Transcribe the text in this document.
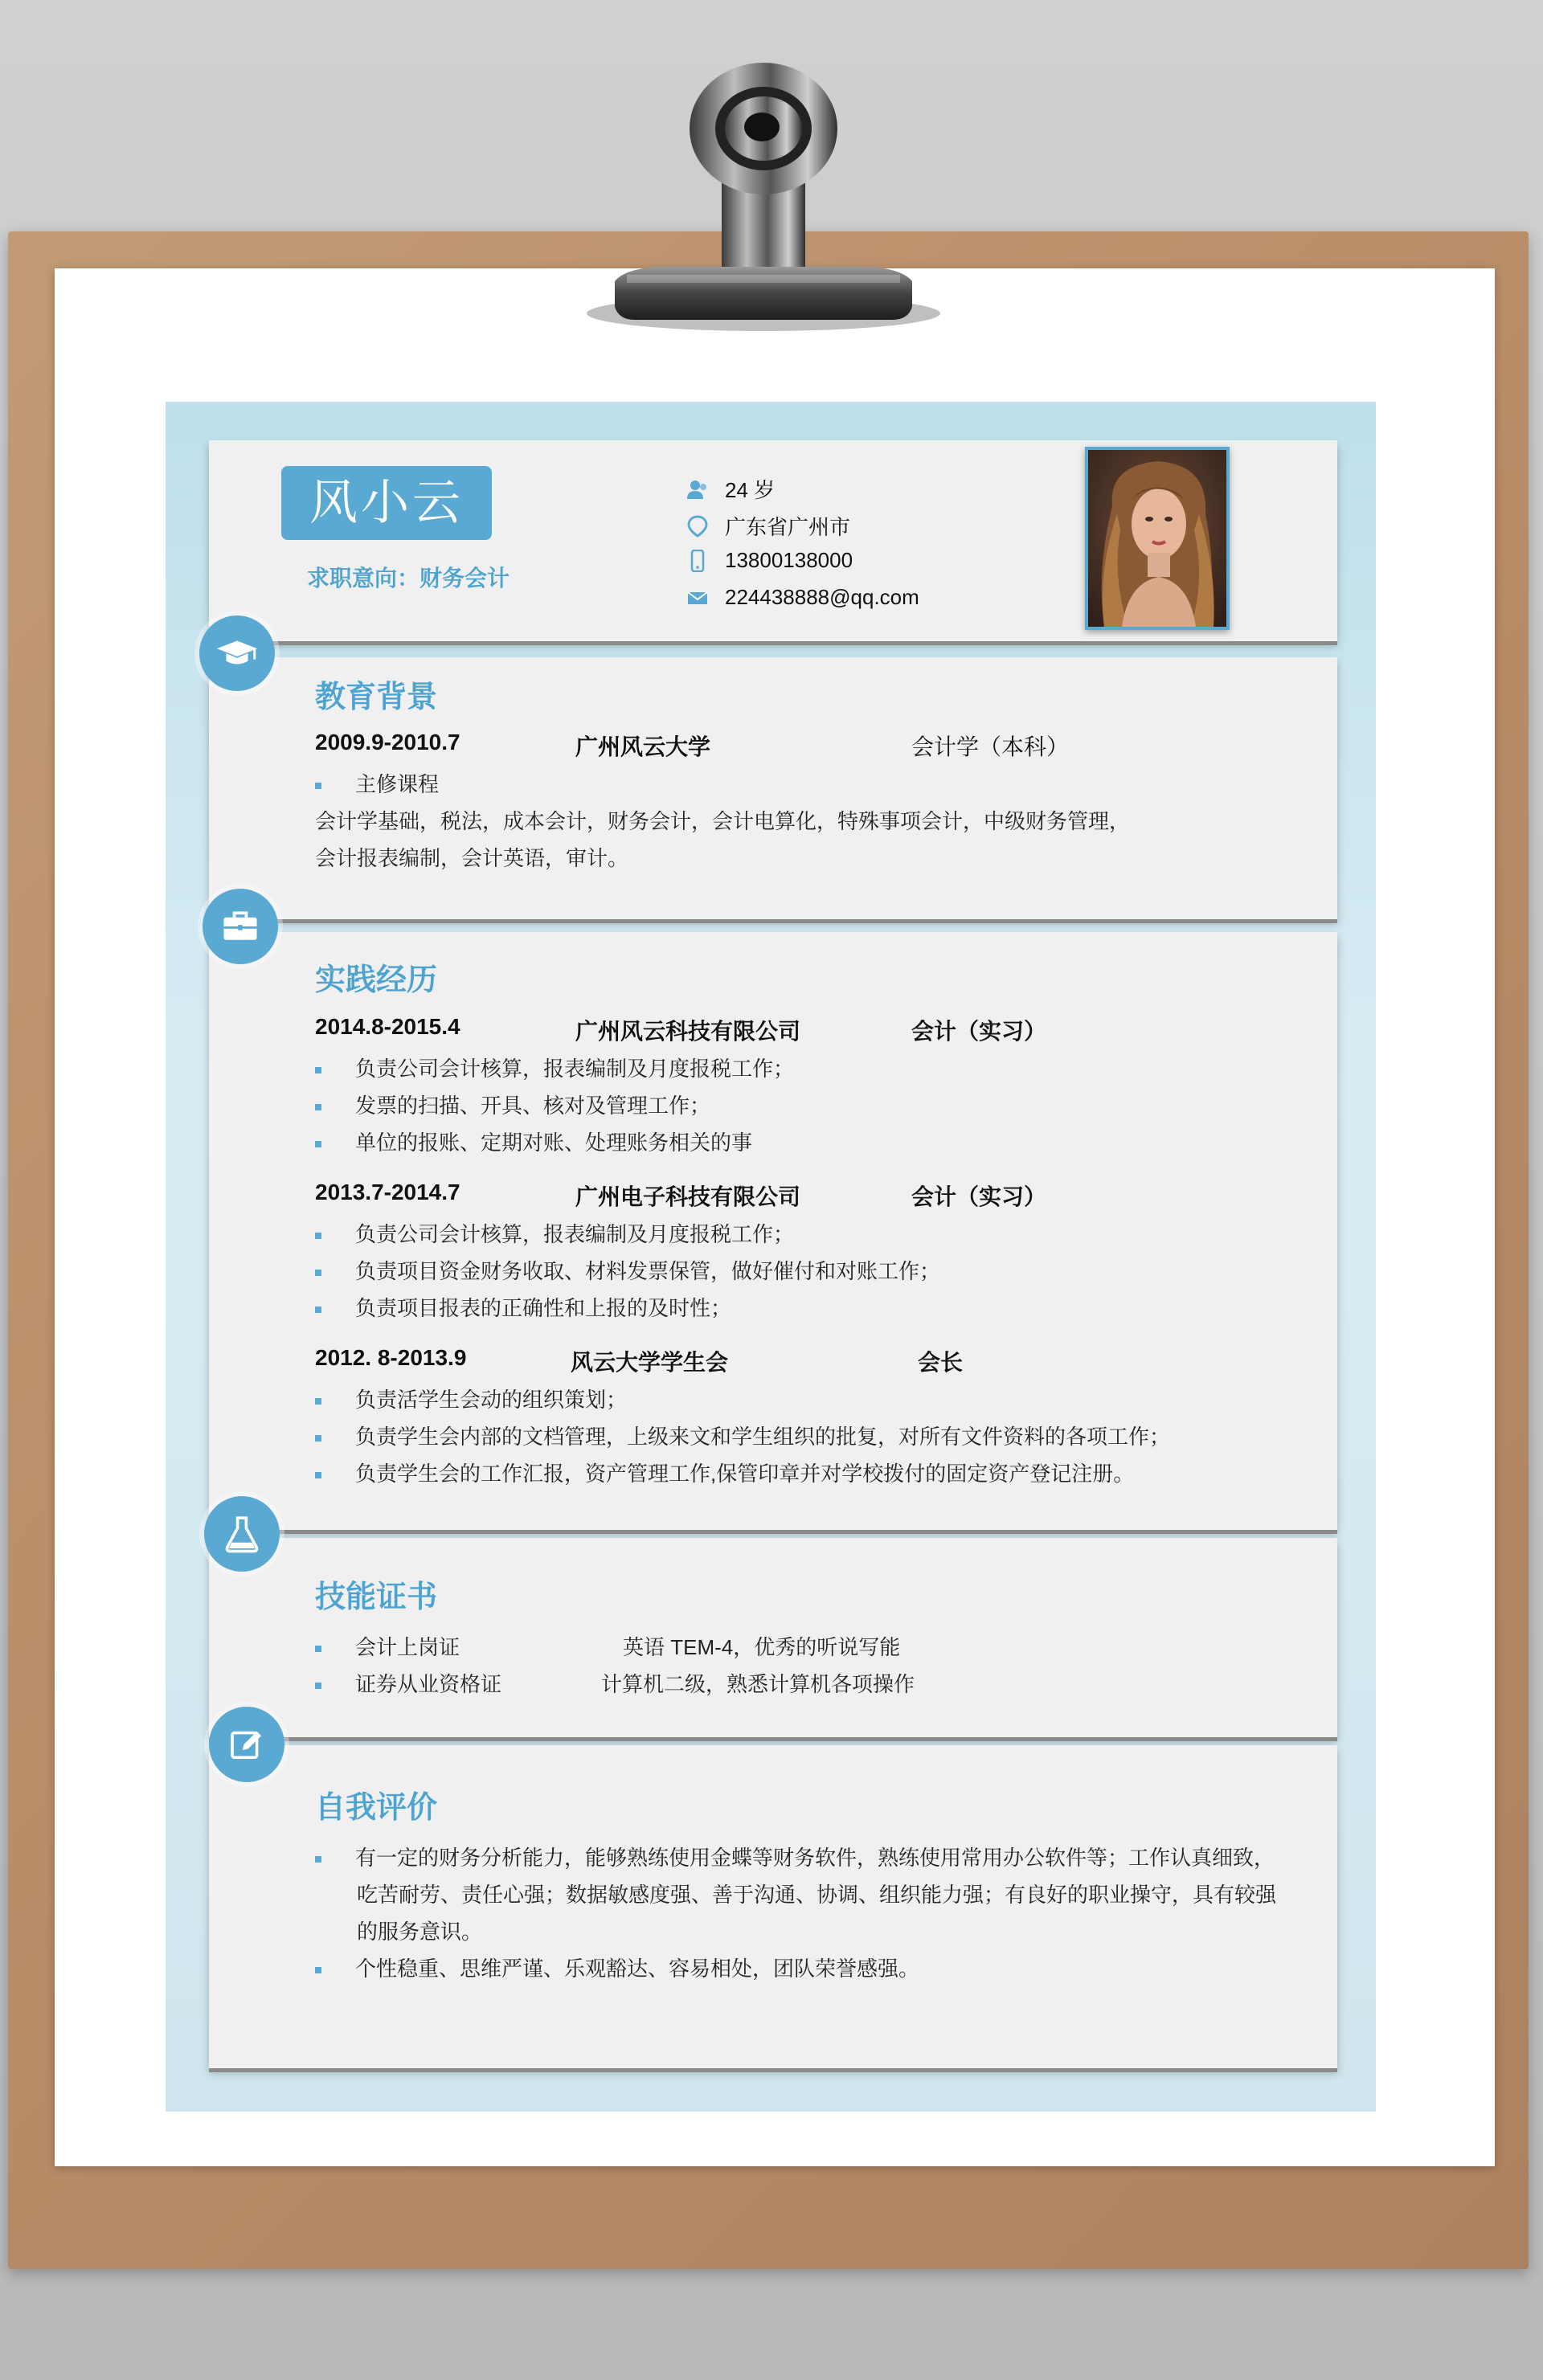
风小云
求职意向：财务会计
24 岁
广东省广州市
13800138000
224438888@qq.com
教育背景
2009.9-2010.7	广州风云大学	会计学（本科）
主修课程
会计学基础，税法，成本会计，财务会计，会计电算化，特殊事项会计，中级财务管理，
会计报表编制，会计英语，审计。
实践经历
2014.8-2015.4	广州风云科技有限公司	会计（实习）
负责公司会计核算，报表编制及月度报税工作；
发票的扫描、开具、核对及管理工作；
单位的报账、定期对账、处理账务相关的事
2013.7-2014.7	广州电子科技有限公司	会计（实习）
负责公司会计核算，报表编制及月度报税工作；
负责项目资金财务收取、材料发票保管，做好催付和对账工作；
负责项目报表的正确性和上报的及时性；
2012. 8-2013.9	风云大学学生会	会长
负责活学生会动的组织策划；
负责学生会内部的文档管理，上级来文和学生组织的批复，对所有文件资料的各项工作；
负责学生会的工作汇报，资产管理工作,保管印章并对学校拨付的固定资产登记注册。
技能证书
会计上岗证	英语 TEM-4，优秀的听说写能
证券从业资格证	计算机二级，熟悉计算机各项操作
自我评价
有一定的财务分析能力，能够熟练使用金蝶等财务软件，熟练使用常用办公软件等；工作认真细致，
吃苦耐劳、责任心强；数据敏感度强、善于沟通、协调、组织能力强；有良好的职业操守，具有较强
的服务意识。
个性稳重、思维严谨、乐观豁达、容易相处，团队荣誉感强。
